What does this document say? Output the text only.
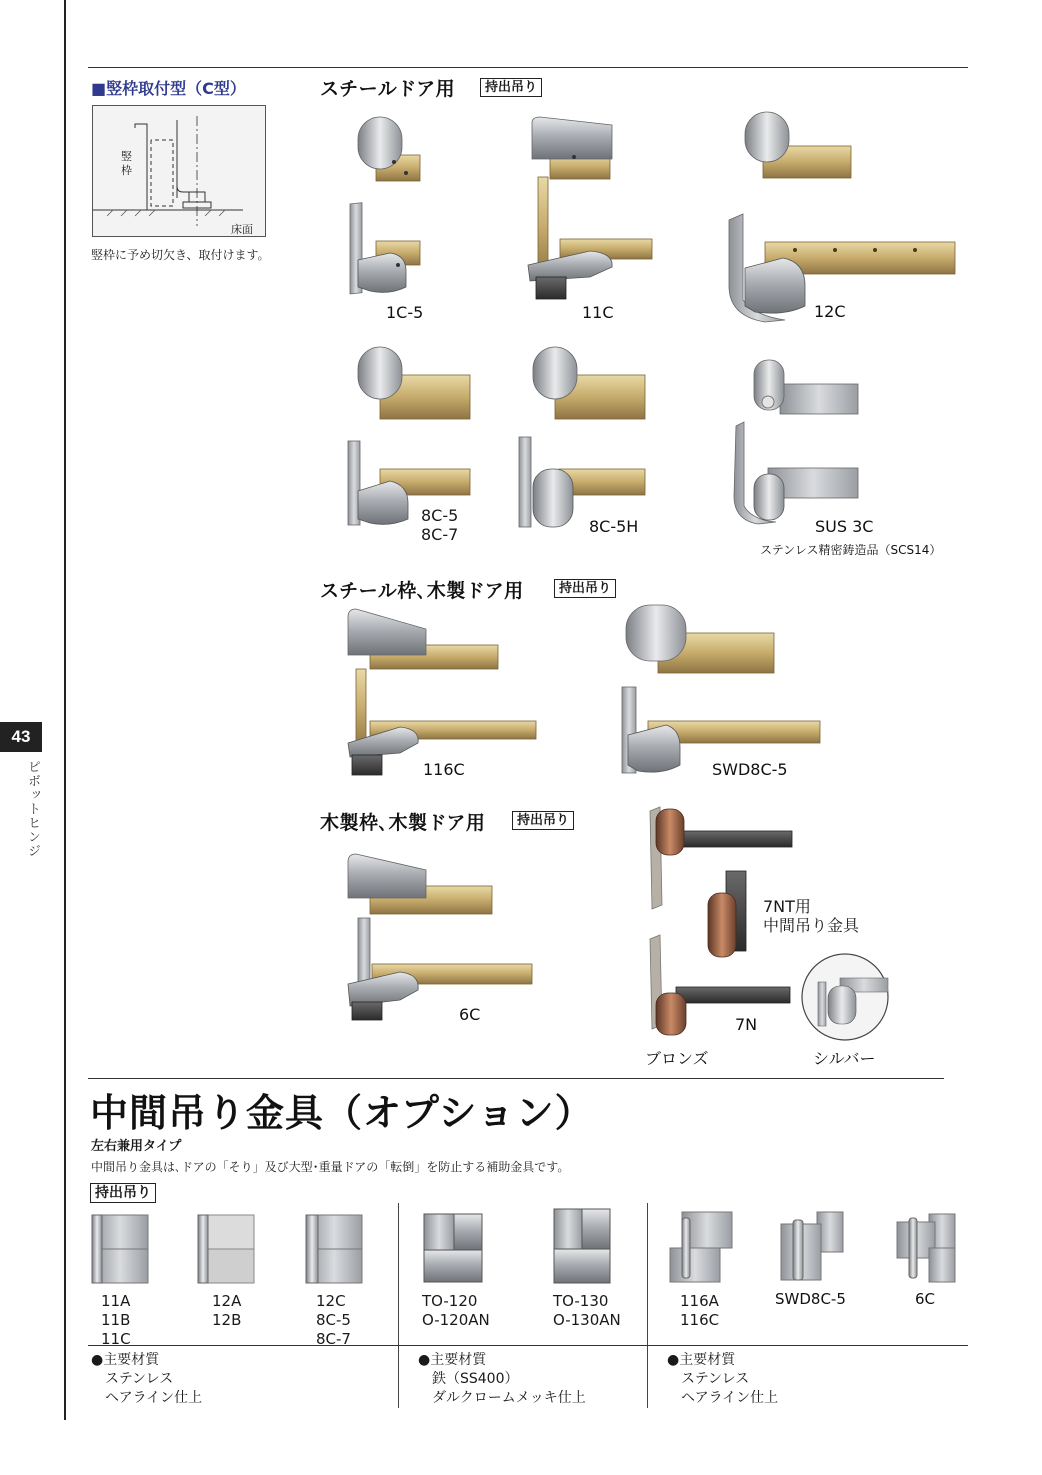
43
ピボットヒンジ
■竪枠取付型（C型）
竪
枠
床面
竪枠に予め切欠き、取付けます。
スチールドア用	持出吊り
1C-5	11C	12C
8C-5
8C-7	8C-5H	SUS 3C
ステンレス精密鋳造品（SCS14）
スチール枠､木製ドア用	持出吊り
116C	SWD8C-5
木製枠､木製ドア用	持出吊り
6C
7N
7NT用
中間吊り金具
ブロンズ	シルバー
中間吊り金具（オプション）
左右兼用タイプ
中間吊り金具は､ドアの「そり」及び大型･重量ドアの「転倒」を防止する補助金具です。
持出吊り
11A
11B
11C
12A
12B
12C
8C-5
8C-7
TO-120
O-120AN
TO-130
O-130AN
116A
116C
SWD8C-5	6C
●主要材質
ステンレス
ヘアライン仕上
●主要材質
鉄（SS400）
ダルクロームメッキ仕上
●主要材質
ステンレス
ヘアライン仕上
